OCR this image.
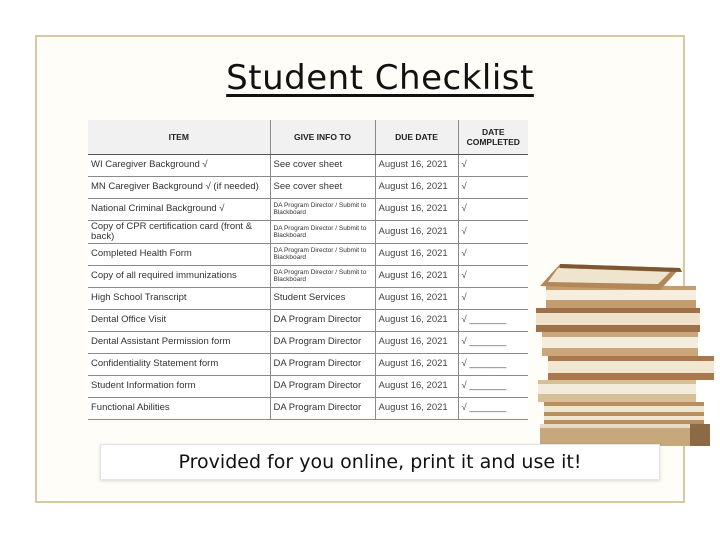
Student Checklist
ITEM	GIVE INFO TO	DUE DATE	DATE COMPLETED
WI Caregiver Background √	See cover sheet	August 16, 2021	√
MN Caregiver Background √ (if needed)	See cover sheet	August 16, 2021	√
National Criminal Background √	DA Program Director / Submit to Blackboard	August 16, 2021	√
Copy of CPR certification card (front & back)	DA Program Director / Submit to Blackboard	August 16, 2021	√
Completed Health Form	DA Program Director / Submit to Blackboard	August 16, 2021	√
Copy of all required immunizations	DA Program Director / Submit to Blackboard	August 16, 2021	√
High School Transcript	Student Services	August 16, 2021	√
Dental Office Visit	DA Program Director	August 16, 2021	√ _______
Dental Assistant Permission form	DA Program Director	August 16, 2021	√ _______
Confidentiality Statement form	DA Program Director	August 16, 2021	√ _______
Student Information form	DA Program Director	August 16, 2021	√ _______
Functional Abilities	DA Program Director	August 16, 2021	√ _______
Provided for you online, print it and use it!
